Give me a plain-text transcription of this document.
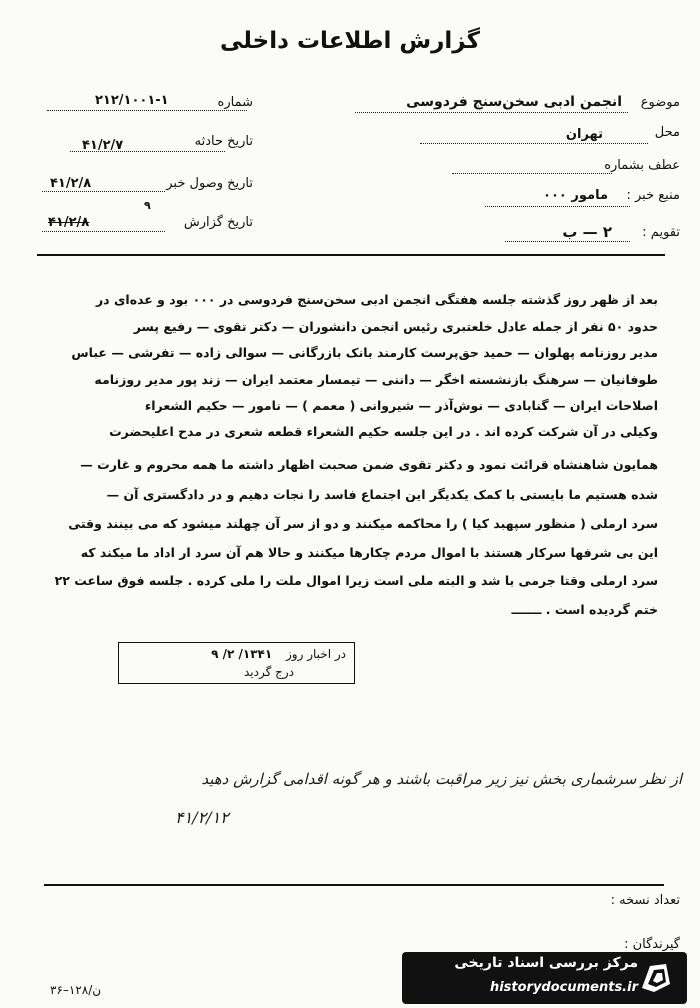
گزارش اطلاعات داخلی
شماره
۲۱۲/۱۰۰۱-۱
تاریخ حادثه
۴۱/۲/۷
تاریخ وصول خبر
۴۱/۲/۸
تاریخ گزارش
۹
۴۱/۲/۸
موضوع
انجمن ادبی سخن‌سنج فردوسی
محل
تهران
عطف بشماره
منبع خبر :
مامور ۰۰۰
تقویم :
۲ — ب
بعد از ظهر روز گذشته جلسه هفتگی انجمن ادبی سخن‌سنج فردوسی در ۰۰۰ بود و عده‌ای در
حدود ۵۰ نفر از جمله عادل خلعتبری رئیس انجمن دانشوران — دکتر تقوی — رفیع پسر
مدیر روزنامه پهلوان — حمید حق‌پرست کارمند بانک بازرگانی — سوالی زاده — تفرشی — عباس
طوفانیان — سرهنگ بازنشسته اخگر — داننی — تیمسار معتمد ایران — زند پور مدیر روزنامه
اصلاحات ایران — گنابادی — نوش‌آذر — شیروانی ( معمم ) — نامور — حکیم الشعراء
وکیلی در آن شرکت کرده اند . در این جلسه حکیم الشعراء قطعه شعری در مدح اعلیحضرت
همایون شاهنشاه قرائت نمود و دکتر تقوی ضمن صحبت اظهار داشته ما همه محروم و غارت —
شده هستیم ما بایستی با کمک یکدیگر این اجتماع فاسد را نجات دهیم و در دادگستری آن —
سرد ارملی ( منظور سپهبد کیا ) را محاکمه میکنند و دو از سر آن چهلند میشود که می بینند وقتی
این بی شرفها سرکار هستند با اموال مردم چکارها میکنند و حالا هم آن سرد ار اداد ما میکند که
سرد ارملی وقتا جرمی با شد و البته ملی است زیرا اموال ملت را ملی کرده . جلسه فوق ساعت ۲۲
ختم گردیده است . ـــــــ
در اخبار روز ۱۳۴۱/ ۲/ ۹
درج گردید
از نظر سرشماری بخش نیز زیر مراقبت باشند و هر گونه اقدامی گزارش دهید
۴۱/۲/۱۲
تعداد نسخه :
گیرندگان :
ن/۱۲۸–۳۶
مرکز بررسی اسناد تاریخی
historydocuments.ir
